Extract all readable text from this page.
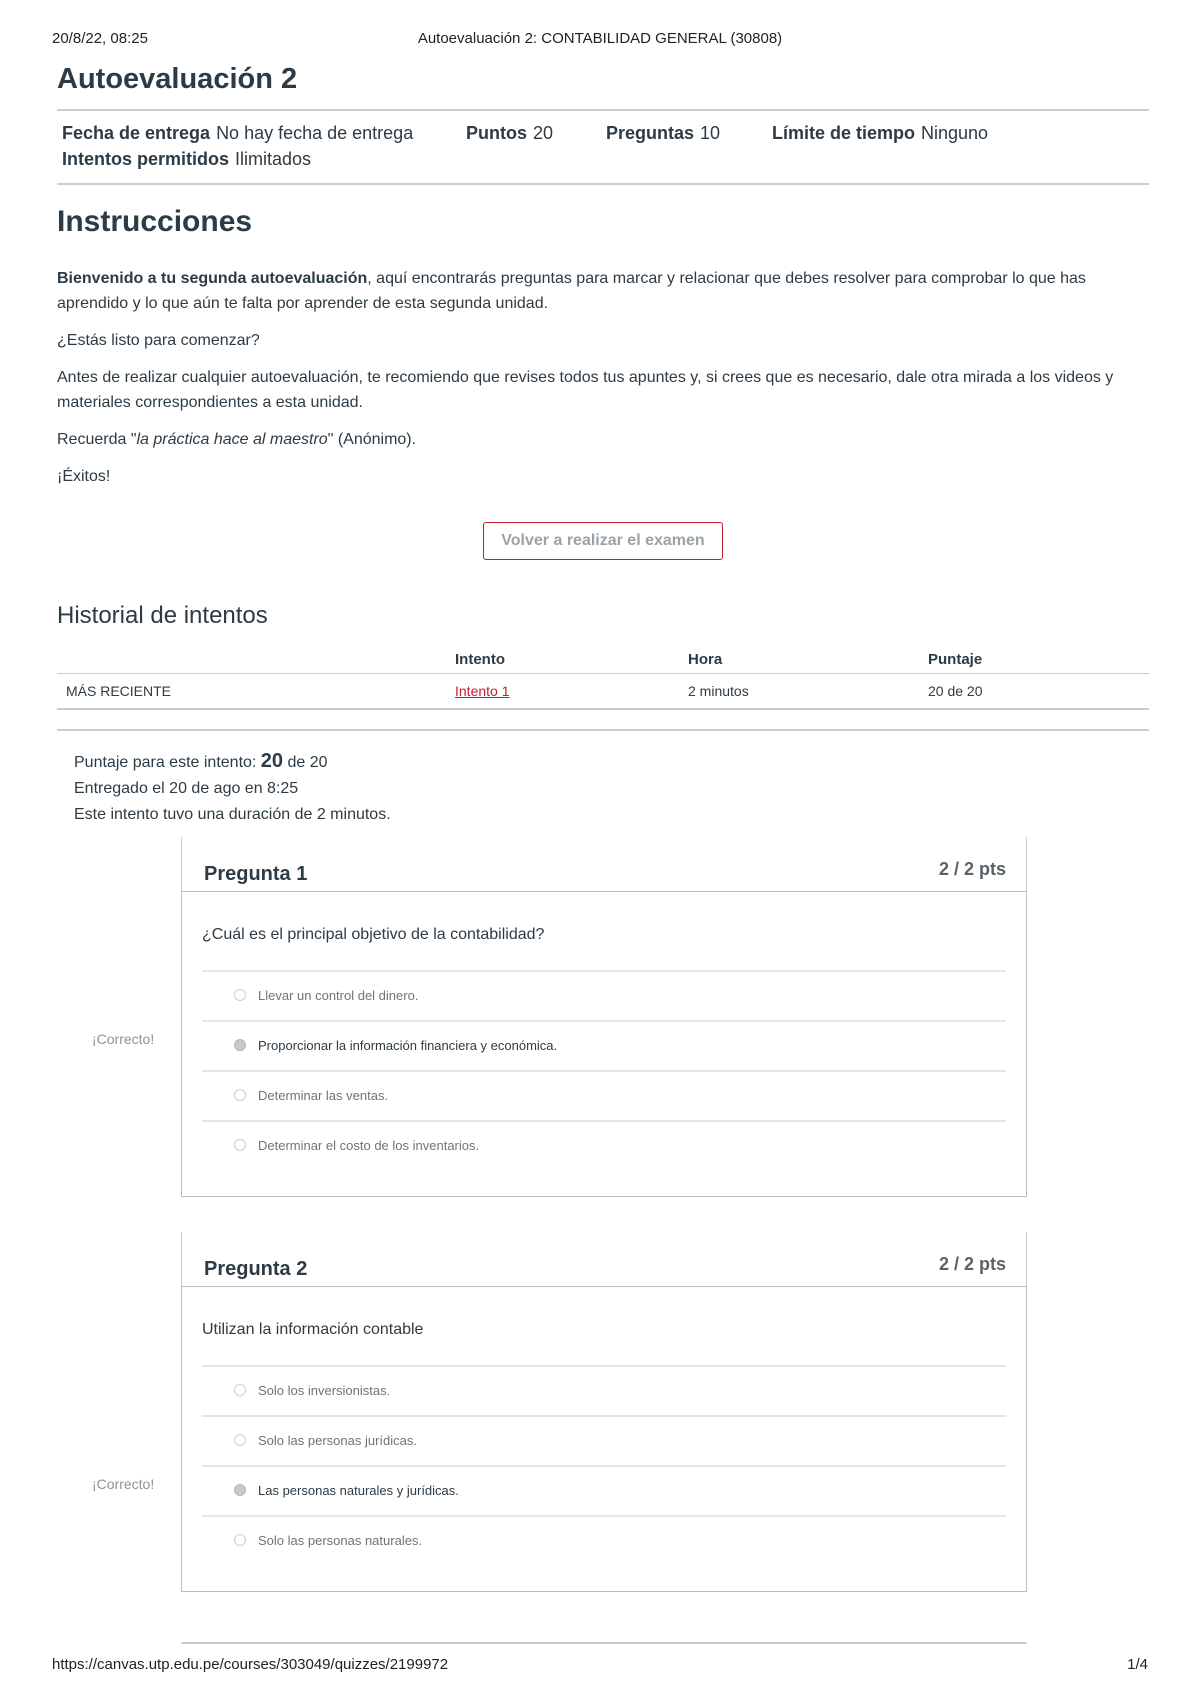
20/8/22, 08:25	Autoevaluación 2: CONTABILIDAD GENERAL (30808)
Autoevaluación 2
Fecha de entrega No hay fecha de entrega	Puntos 20	Preguntas 10	Límite de tiempo Ninguno
Intentos permitidos Ilimitados
Instrucciones

Bienvenido a tu segunda autoevaluación, aquí encontrarás preguntas para marcar y relacionar que debes resolver para comprobar lo que has aprendido y lo que aún te falta por aprender de esta segunda unidad.

¿Estás listo para comenzar?

Antes de realizar cualquier autoevaluación, te recomiendo que revises todos tus apuntes y, si crees que es necesario, dale otra mirada a los videos y materiales correspondientes a esta unidad.

Recuerda "la práctica hace al maestro" (Anónimo).

¡Éxitos!

Volver a realizar el examen
Historial de intentos
	Intento	Hora	Puntaje
MÁS RECIENTE	Intento 1	2 minutos	20 de 20
Puntaje para este intento: 20 de 20
Entregado el 20 de ago en 8:25
Este intento tuvo una duración de 2 minutos.
¡Correcto!
Pregunta 1	2 / 2 pts
¿Cuál es el principal objetivo de la contabilidad?
Llevar un control del dinero.
Proporcionar la información financiera y económica.
Determinar las ventas.
Determinar el costo de los inventarios.
¡Correcto!
Pregunta 2	2 / 2 pts
Utilizan la información contable
Solo los inversionistas.
Solo las personas jurídicas.
Las personas naturales y jurídicas.
Solo las personas naturales.
https://canvas.utp.edu.pe/courses/303049/quizzes/2199972	1/4
